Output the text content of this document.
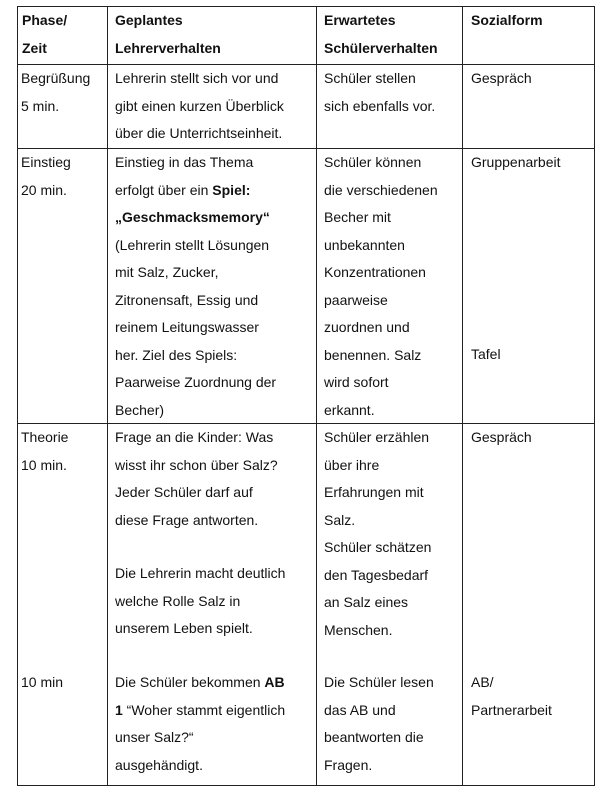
Phase/
Zeit
Geplantes
Lehrerverhalten
Erwartetes
Schülerverhalten
Sozialform
Begrüßung
5 min.
Lehrerin stellt sich vor und
gibt einen kurzen Überblick
über die Unterrichtseinheit.
Schüler stellen
sich ebenfalls vor.
Gespräch
Einstieg
20 min.
Einstieg in das Thema
erfolgt über ein Spiel:
„Geschmacksmemory“
(Lehrerin stellt Lösungen
mit Salz, Zucker,
Zitronensaft, Essig und
reinem Leitungswasser
her. Ziel des Spiels:
Paarweise Zuordnung der
Becher)
Schüler können
die verschiedenen
Becher mit
unbekannten
Konzentrationen
paarweise
zuordnen und
benennen. Salz
wird sofort
erkannt.
Gruppenarbeit
Tafel
Theorie
10 min.
Frage an die Kinder: Was
wisst ihr schon über Salz?
Jeder Schüler darf auf
diese Frage antworten.
Die Lehrerin macht deutlich
welche Rolle Salz in
unserem Leben spielt.
Schüler erzählen
über ihre
Erfahrungen mit
Salz.
Schüler schätzen
den Tagesbedarf
an Salz eines
Menschen.
Gespräch
10 min	Die Schüler bekommen AB
1 “Woher stammt eigentlich
unser Salz?“
ausgehändigt.
Die Schüler lesen
das AB und
beantworten die
Fragen.
AB/
Partnerarbeit
